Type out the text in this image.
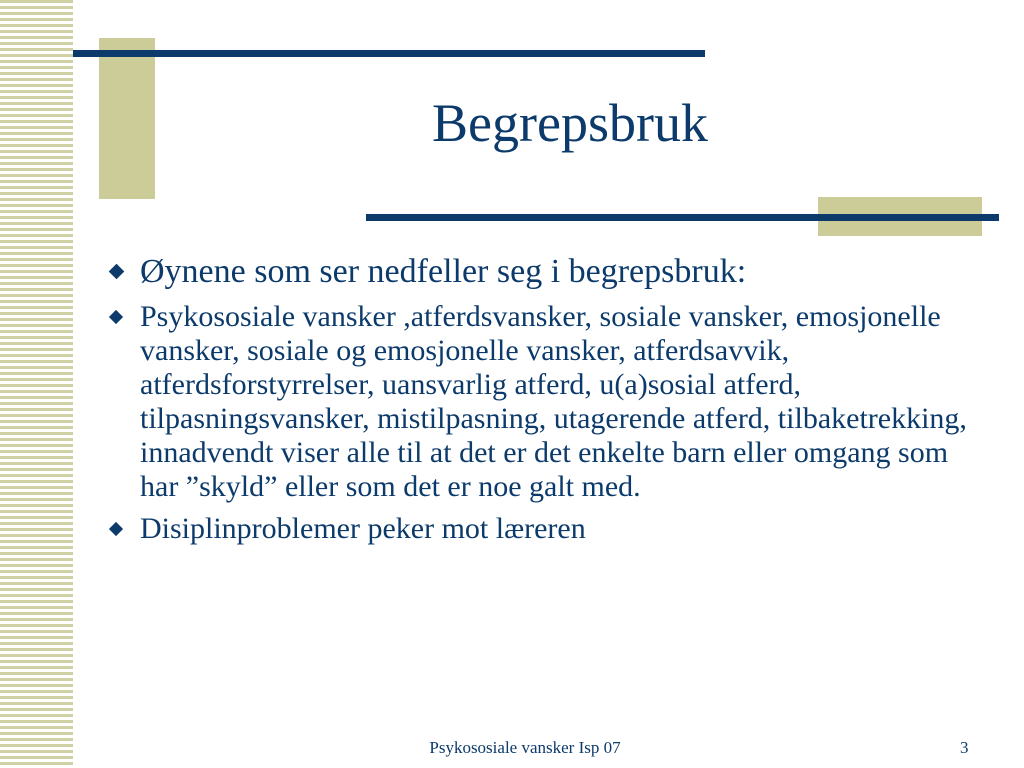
Begrepsbruk
Øynene som ser nedfeller seg i begrepsbruk:
Psykososiale vansker ,atferdsvansker, sosiale vansker, emosjonelle vansker, sosiale og emosjonelle vansker, atferdsavvik, atferdsforstyrrelser, uansvarlig atferd, u(a)sosial atferd, tilpasningsvansker, mistilpasning, utagerende atferd, tilbaketrekking, innadvendt viser alle til at det er det enkelte barn eller omgang som har ”skyld” eller som det er noe galt med.
Disiplinproblemer peker mot læreren
Psykososiale vansker Isp 07	3
